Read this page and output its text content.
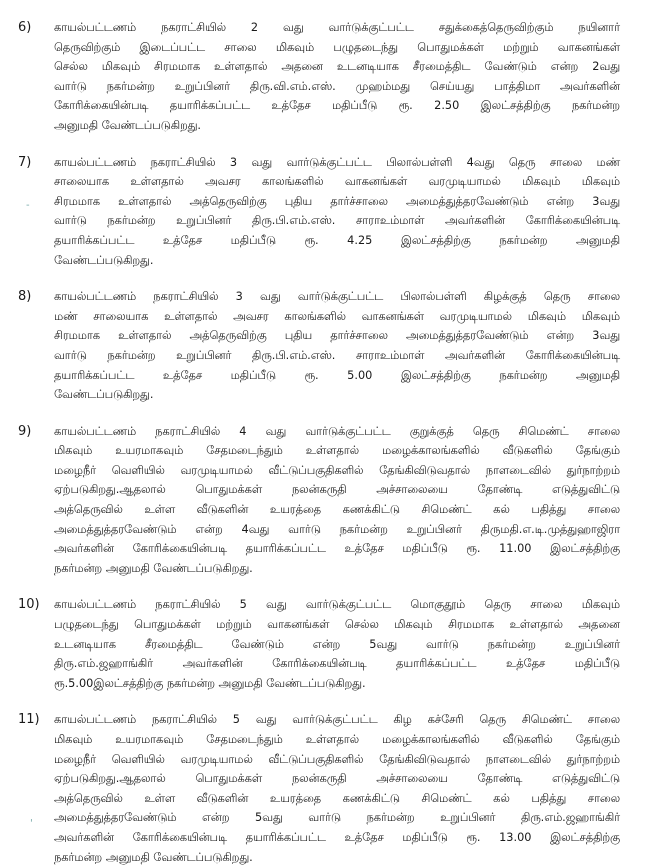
6)	காயல்பட்டணம் நகராட்சியில் 2 வது வார்டுக்குட்பட்ட சதுக்கைத்தெருவிற்கும் நயினார்
தெருவிற்கும் இடைப்பட்ட சாலை மிகவும் பழுதடைந்து பொதுமக்கள் மற்றும் வாகனங்கள்
செல்ல மிகவும் சிரமமாக உள்ளதால் அதனை உடனடியாக சீரமைத்திட வேண்டும் என்ற 2வது
வார்டு நகர்மன்ற உறுப்பினர் திரு.வி.எம்.எஸ். முஹம்மது செய்யது பாத்திமா அவர்களின்
கோரிக்கையின்படி தயாரிக்கப்பட்ட உத்தேச மதிப்பீடு ரூ. 2.50 இலட்சத்திற்கு நகர்மன்ற
அனுமதி வேண்டப்படுகிறது.
7)	காயல்பட்டணம் நகராட்சியில் 3 வது வார்டுக்குட்பட்ட பிலால்பள்ளி 4வது தெரு சாலை மண்
சாலையாக உள்ளதால் அவசர காலங்களில் வாகனங்கள் வரமுடியாமல் மிகவும் மிகவும்
சிரமமாக உள்ளதால் அத்தெருவிற்கு புதிய தார்ச்சாலை அமைத்துத்தரவேண்டும் என்ற 3வது
வார்டு நகர்மன்ற உறுப்பினர் திரு.பி.எம்.எஸ். சாராஉம்மாள் அவர்களின் கோரிக்கையின்படி
தயாரிக்கப்பட்ட உத்தேச மதிப்பீடு ரூ. 4.25 இலட்சத்திற்கு நகர்மன்ற அனுமதி
வேண்டப்படுகிறது.
8)	காயல்பட்டணம் நகராட்சியில் 3 வது வார்டுக்குட்பட்ட பிலால்பள்ளி கிழக்குத் தெரு சாலை
மண் சாலையாக உள்ளதால் அவசர காலங்களில் வாகனங்கள் வரமுடியாமல் மிகவும் மிகவும்
சிரமமாக உள்ளதால் அத்தெருவிற்கு புதிய தார்ச்சாலை அமைத்துத்தரவேண்டும் என்ற 3வது
வார்டு நகர்மன்ற உறுப்பினர் திரு.பி.எம்.எஸ். சாராஉம்மாள் அவர்களின் கோரிக்கையின்படி
தயாரிக்கப்பட்ட உத்தேச மதிப்பீடு ரூ. 5.00 இலட்சத்திற்கு நகர்மன்ற அனுமதி
வேண்டப்படுகிறது.
9)	காயல்பட்டணம் நகராட்சியில் 4 வது வார்டுக்குட்பட்ட குறுக்குத் தெரு சிமெண்ட் சாலை
மிகவும் உயரமாகவும் சேதமடைந்தும் உள்ளதால் மழைக்காலங்களில் வீடுகளில் தேங்கும்
மழைநீர் வெளியில் வரமுடியாமல் வீட்டுப்பகுதிகளில் தேங்கிவிடுவதால் நாளடைவில் துர்நாற்றம்
ஏற்படுகிறது.ஆதலால் பொதுமக்கள் நலன்கருதி அச்சாலையை தோண்டி எடுத்துவிட்டு
அத்தெருவில் உள்ள வீடுகளின் உயரத்தை கணக்கிட்டு சிமெண்ட் கல் பதித்து சாலை
அமைத்துத்தரவேண்டும் என்ற 4வது வார்டு நகர்மன்ற உறுப்பினர் திருமதி.எ.டி.முத்துஹாஜிரா
அவர்களின் கோரிக்கையின்படி தயாரிக்கப்பட்ட உத்தேச மதிப்பீடு ரூ. 11.00 இலட்சத்திற்கு
நகர்மன்ற அனுமதி வேண்டப்படுகிறது.
10)	காயல்பட்டணம் நகராட்சியில் 5 வது வார்டுக்குட்பட்ட மொகுதூம் தெரு சாலை மிகவும்
பழுதடைந்து பொதுமக்கள் மற்றும் வாகனங்கள் செல்ல மிகவும் சிரமமாக உள்ளதால் அதனை
உடனடியாக சீரமைத்திட வேண்டும் என்ற 5வது வார்டு நகர்மன்ற உறுப்பினர்
திரு.எம்.ஜஹாங்கிர் அவர்களின் கோரிக்கையின்படி தயாரிக்கப்பட்ட உத்தேச மதிப்பீடு
ரூ.5.00இலட்சத்திற்கு நகர்மன்ற அனுமதி வேண்டப்படுகிறது.
11)	காயல்பட்டணம் நகராட்சியில் 5 வது வார்டுக்குட்பட்ட கிழ கச்சேரி தெரு சிமெண்ட் சாலை
மிகவும் உயரமாகவும் சேதமடைந்தும் உள்ளதால் மழைக்காலங்களில் வீடுகளில் தேங்கும்
மழைநீர் வெளியில் வரமுடியாமல் வீட்டுப்பகுதிகளில் தேங்கிவிடுவதால் நாளடைவில் துர்நாற்றம்
ஏற்படுகிறது.ஆதலால் பொதுமக்கள் நலன்கருதி அச்சாலையை தோண்டி எடுத்துவிட்டு
அத்தெருவில் உள்ள வீடுகளின் உயரத்தை கணக்கிட்டு சிமெண்ட் கல் பதித்து சாலை
அமைத்துத்தரவேண்டும் என்ற 5வது வார்டு நகர்மன்ற உறுப்பினர் திரு.எம்.ஜஹாங்கிர்
அவர்களின் கோரிக்கையின்படி தயாரிக்கப்பட்ட உத்தேச மதிப்பீடு ரூ. 13.00 இலட்சத்திற்கு
நகர்மன்ற அனுமதி வேண்டப்படுகிறது.
-
'
